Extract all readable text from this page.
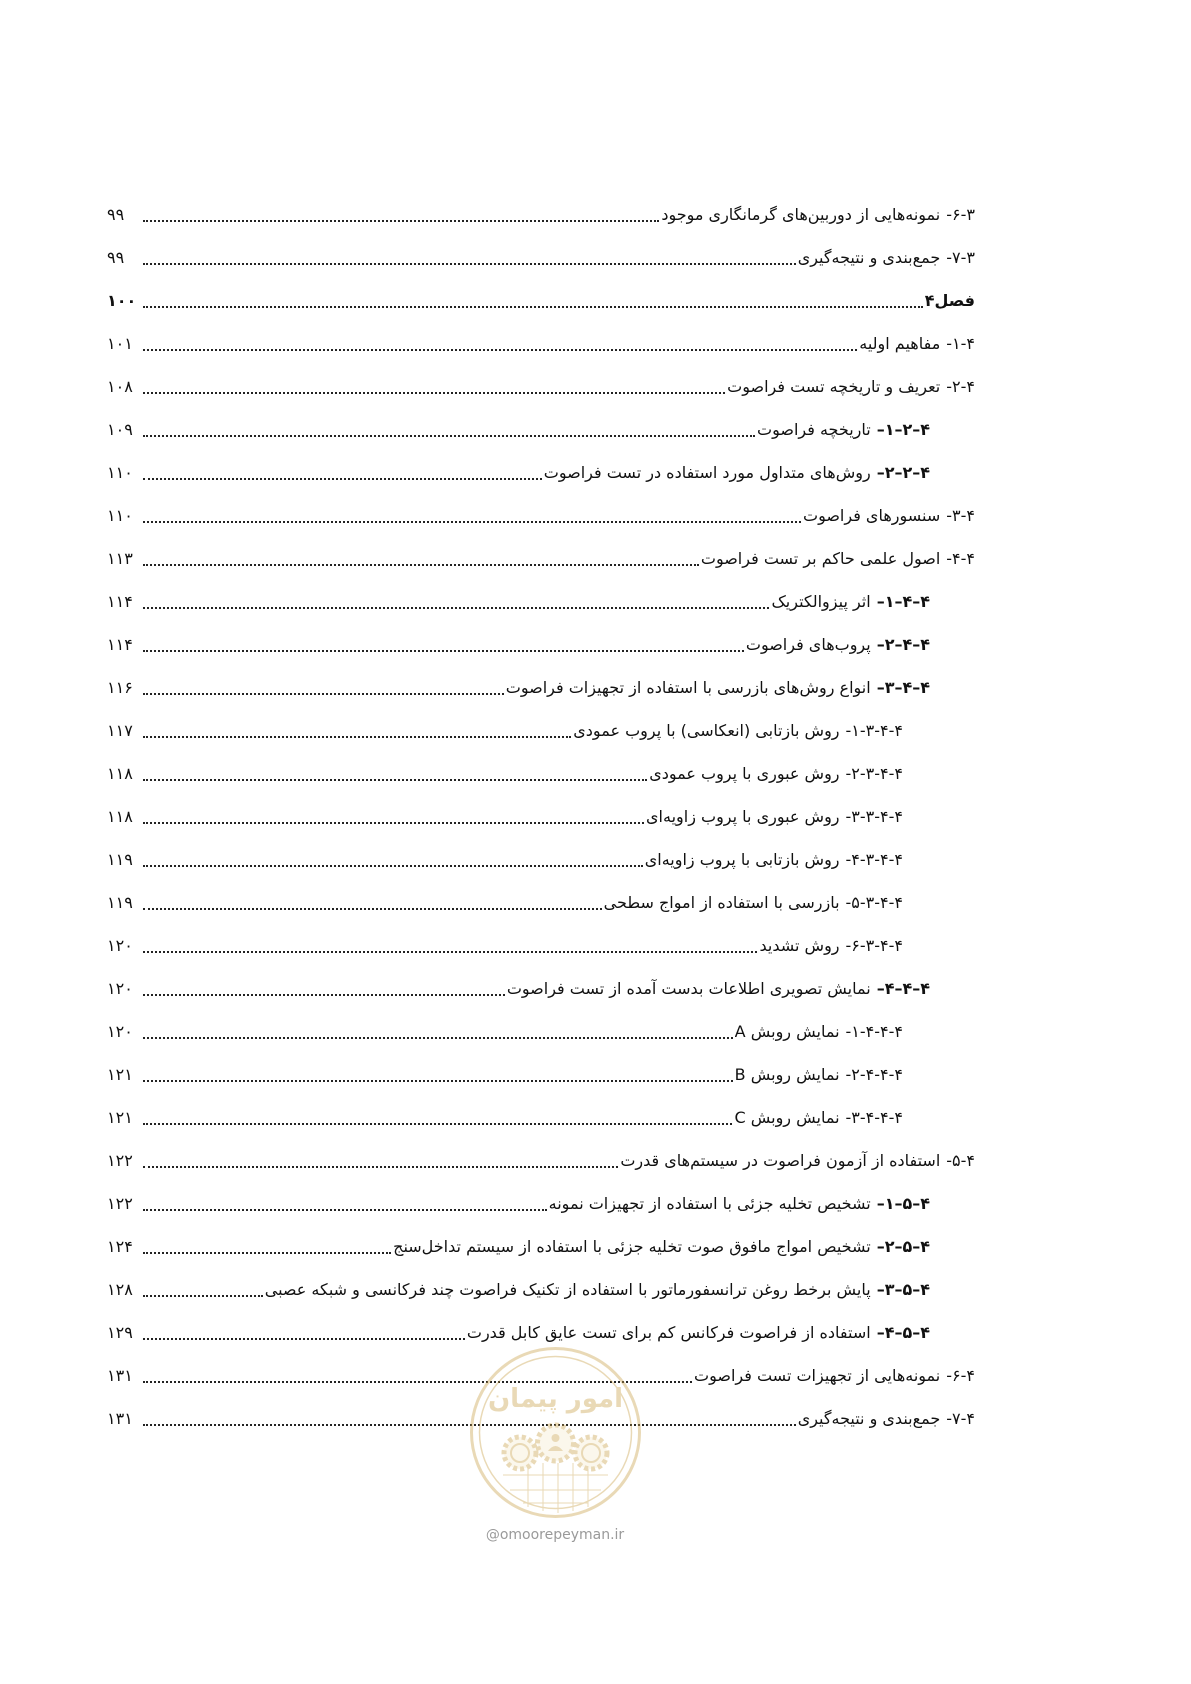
۳-۶-
نمونه‌هایی از دوربین‌های گرمانگاری موجود
۹۹
۳-۷-
جمع‌بندی و نتیجه‌گیری
۹۹
فصل۴
۱۰۰
۴-۱-
مفاهیم اولیه
۱۰۱
۴-۲-
تعریف و تاریخچه تست فراصوت
۱۰۸
۴–۲–۱–
تاریخچه فراصوت
۱۰۹
۴–۲–۲–
روش‌های متداول مورد استفاده در تست فراصوت
۱۱۰
۴-۳-
سنسورهای فراصوت
۱۱۰
۴-۴-
اصول علمی حاکم بر تست فراصوت
۱۱۳
۴–۴–۱–
اثر پیزوالکتریک
۱۱۴
۴–۴–۲–
پروب‌های فراصوت
۱۱۴
۴–۴–۳–
انواع روش‌های بازرسی با استفاده از تجهیزات فراصوت
۱۱۶
۴-۴-۳-۱-
روش بازتابی (انعکاسی) با پروب عمودی
۱۱۷
۴-۴-۳-۲-
روش عبوری با پروب عمودی
۱۱۸
۴-۴-۳-۳-
روش عبوری با پروب زاویه‌ای
۱۱۸
۴-۴-۳-۴-
روش بازتابی با پروب زاویه‌ای
۱۱۹
۴-۴-۳-۵-
بازرسی با استفاده از امواج سطحی
۱۱۹
۴-۴-۳-۶-
روش تشدید
۱۲۰
۴–۴–۴–
نمایش تصویری اطلاعات بدست آمده از تست فراصوت
۱۲۰
۴-۴-۴-۱-
نمایش روبش A
۱۲۰
۴-۴-۴-۲-
نمایش روبش B
۱۲۱
۴-۴-۴-۳-
نمایش روبش C
۱۲۱
۴-۵-
استفاده از آزمون فراصوت در سیستم‌های قدرت
۱۲۲
۴–۵–۱–
تشخیص تخلیه جزئی با استفاده از تجهیزات نمونه
۱۲۲
۴–۵–۲–
تشخیص امواج مافوق صوت تخلیه جزئی با استفاده از سیستم تداخل‌سنج
۱۲۴
۴–۵–۳–
پایش برخط روغن ترانسفورماتور با استفاده از تکنیک فراصوت چند فرکانسی و شبکه عصبی
۱۲۸
۴–۵–۴–
استفاده از فراصوت فرکانس کم برای تست عایق کابل قدرت
۱۲۹
۴-۶-
نمونه‌هایی از تجهیزات تست فراصوت
۱۳۱
۴-۷-
جمع‌بندی و نتیجه‌گیری
۱۳۱
امور پیمان
@omoorepeyman.ir
